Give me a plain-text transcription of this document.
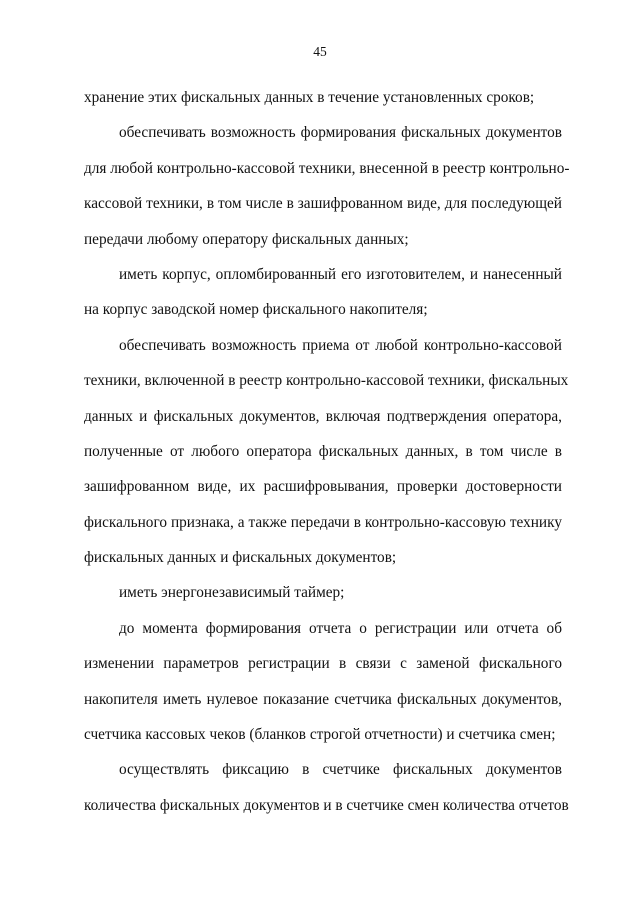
45
хранение этих фискальных данных в течение установленных сроков;
обеспечивать возможность формирования фискальных документов
для любой контрольно-кассовой техники, внесенной в реестр контрольно-
кассовой техники, в том числе в зашифрованном виде, для последующей
передачи любому оператору фискальных данных;
иметь корпус, опломбированный его изготовителем, и нанесенный
на корпус заводской номер фискального накопителя;
обеспечивать возможность приема от любой контрольно-кассовой
техники, включенной в реестр контрольно-кассовой техники, фискальных
данных и фискальных документов, включая подтверждения оператора,
полученные от любого оператора фискальных данных, в том числе в
зашифрованном виде, их расшифровывания, проверки достоверности
фискального признака, а также передачи в контрольно-кассовую технику
фискальных данных и фискальных документов;
иметь энергонезависимый таймер;
до момента формирования отчета о регистрации или отчета об
изменении параметров регистрации в связи с заменой фискального
накопителя иметь нулевое показание счетчика фискальных документов,
счетчика кассовых чеков (бланков строгой отчетности) и счетчика смен;
осуществлять фиксацию в счетчике фискальных документов
количества фискальных документов и в счетчике смен количества отчетов
